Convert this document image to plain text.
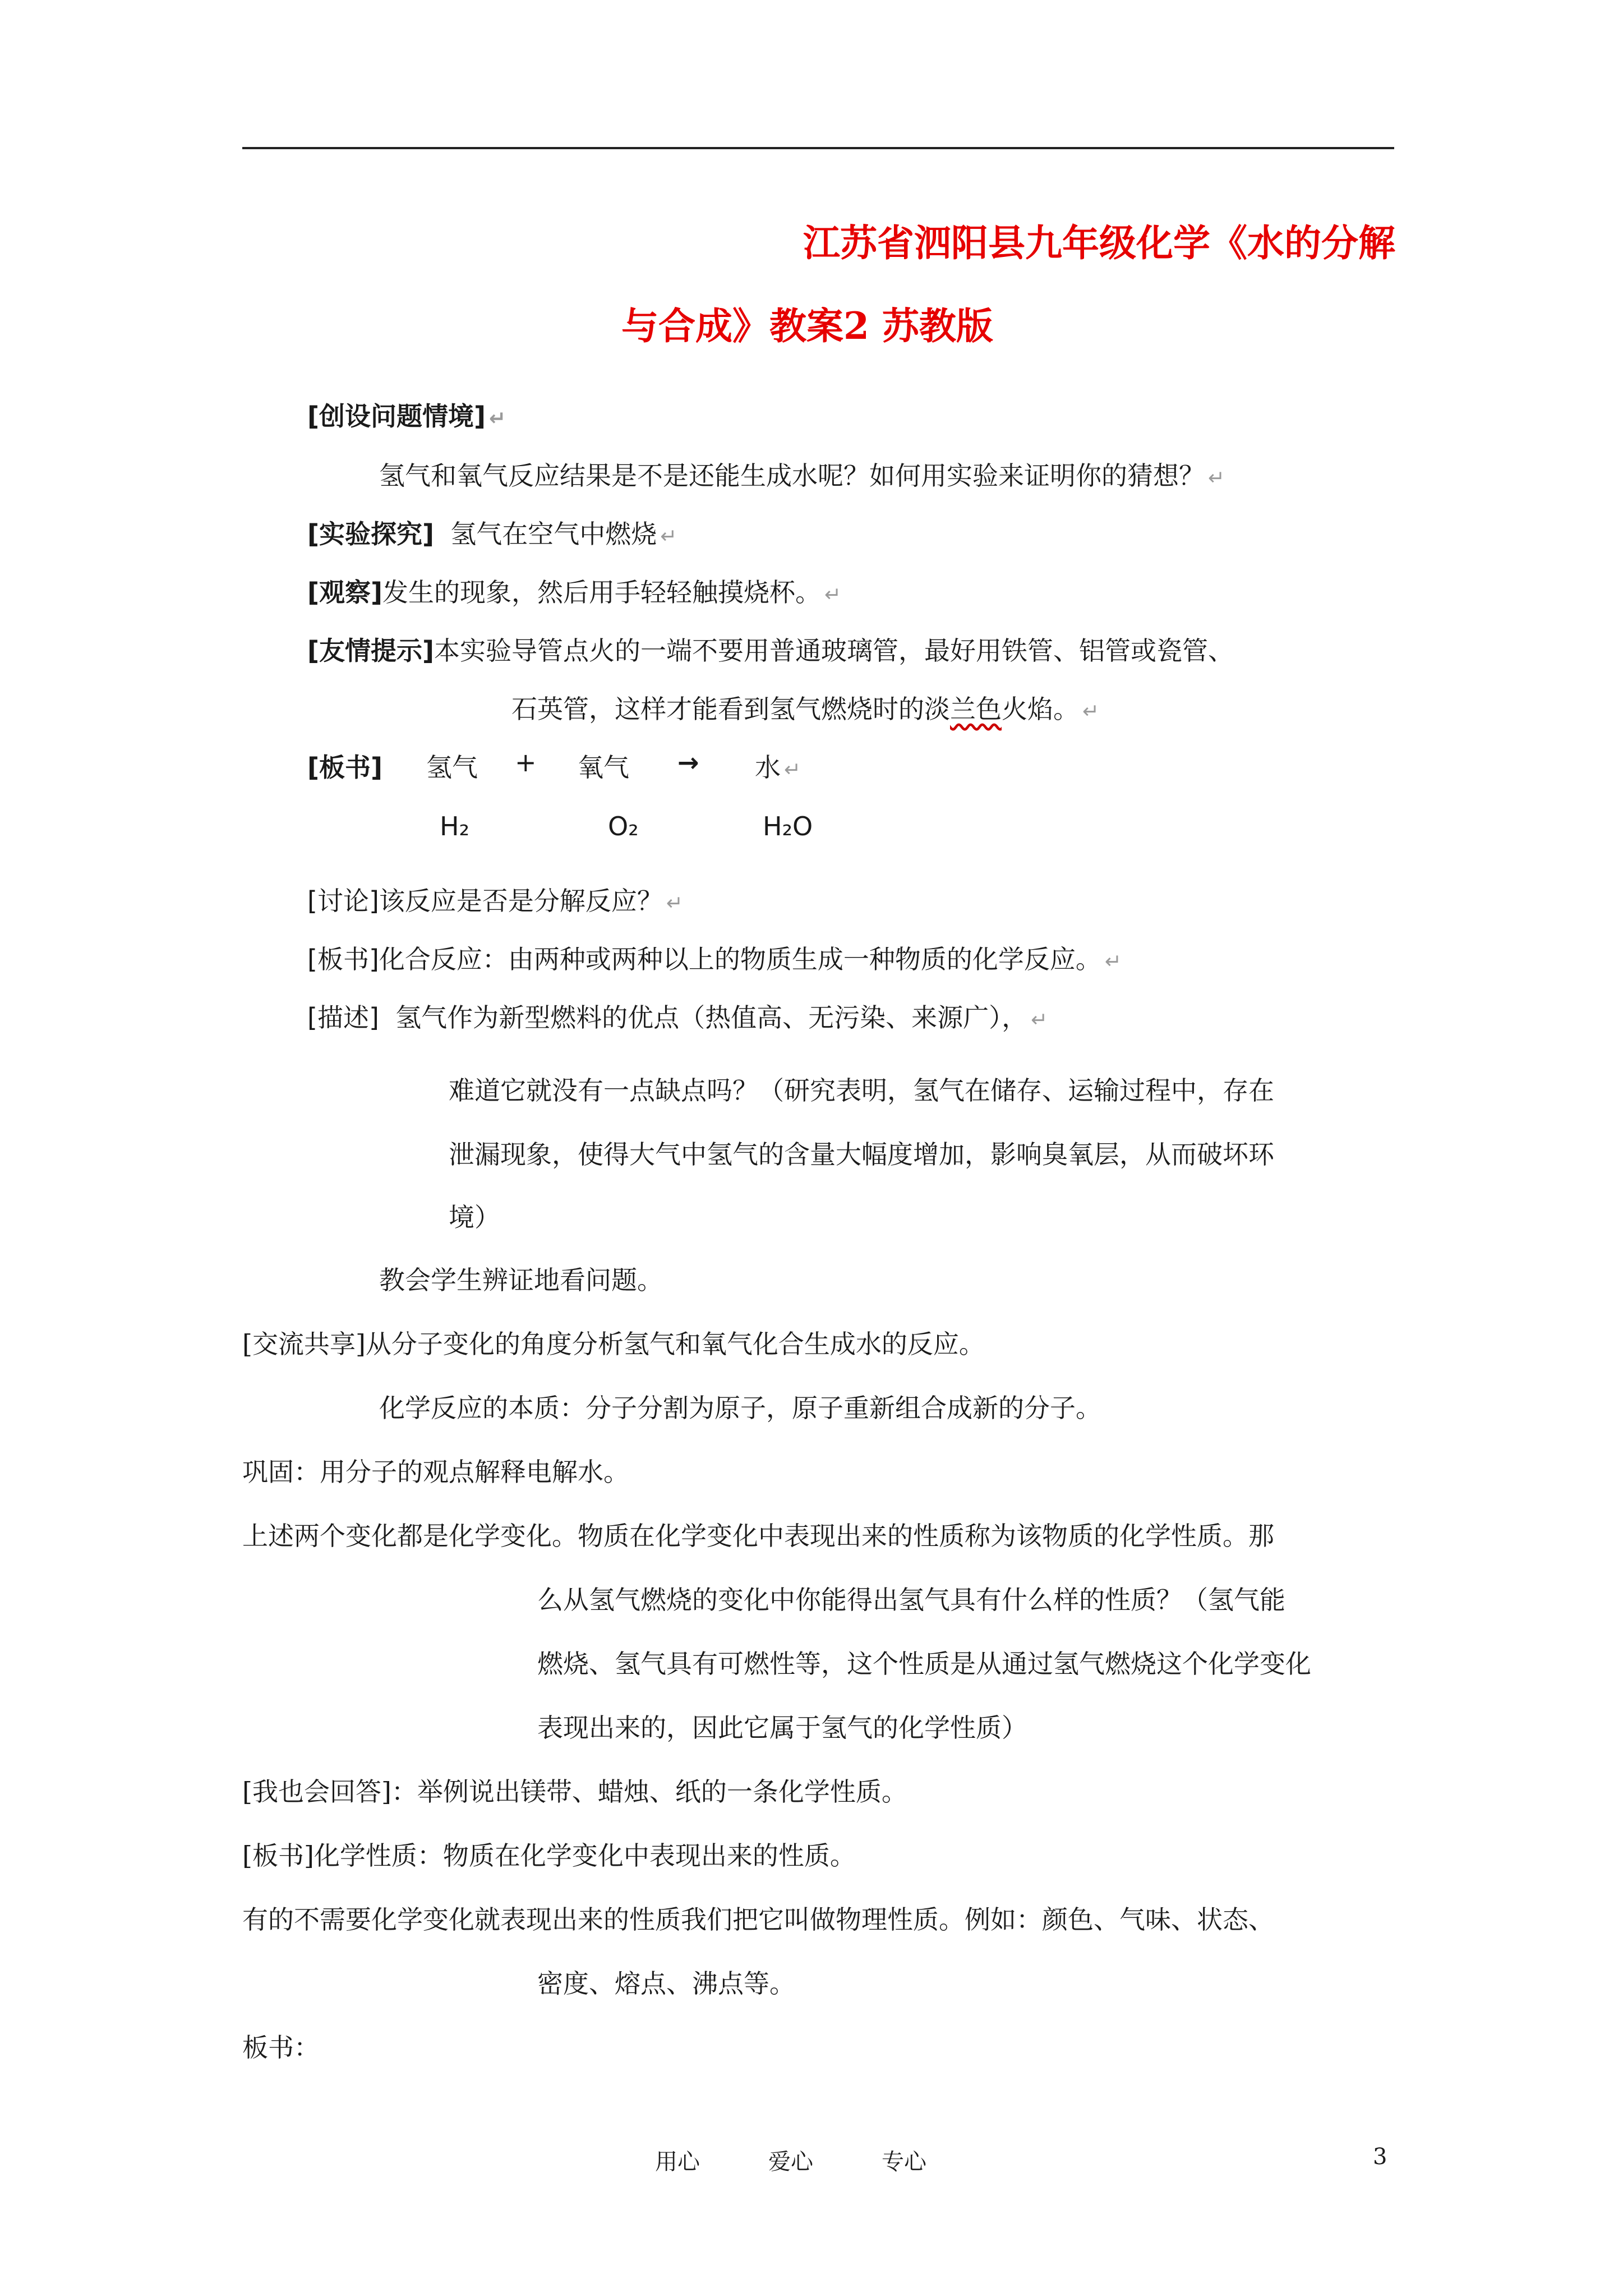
江苏省泗阳县九年级化学《水的分解
与合成》教案2 苏教版
[创设问题情境] ↵
氢气和氧气反应结果是不是还能生成水呢？如何用实验来证明你的猜想？ ↵
[实验探究] 氢气在空气中燃烧 ↵
[观察]发生的现象，然后用手轻轻触摸烧杯。 ↵
[友情提示]本实验导管点火的一端不要用普通玻璃管，最好用铁管、铝管或瓷管、
石英管，这样才能看到氢气燃烧时的淡兰色火焰。 ↵
[板书] 氢气 + 氧气 → 水 ↵
H₂	O₂	H₂O
[讨论]该反应是否是分解反应？ ↵
[板书]化合反应：由两种或两种以上的物质生成一种物质的化学反应。 ↵
[描述] 氢气作为新型燃料的优点（热值高、无污染、来源广）， ↵
难道它就没有一点缺点吗？（研究表明，氢气在储存、运输过程中，存在
泄漏现象，使得大气中氢气的含量大幅度增加，影响臭氧层，从而破坏环
境）
教会学生辨证地看问题。
[交流共享]从分子变化的角度分析氢气和氧气化合生成水的反应。
化学反应的本质：分子分割为原子，原子重新组合成新的分子。
巩固：用分子的观点解释电解水。
上述两个变化都是化学变化。物质在化学变化中表现出来的性质称为该物质的化学性质。那
么从氢气燃烧的变化中你能得出氢气具有什么样的性质？（氢气能
燃烧、氢气具有可燃性等，这个性质是从通过氢气燃烧这个化学变化
表现出来的，因此它属于氢气的化学性质）
[我也会回答]：举例说出镁带、蜡烛、纸的一条化学性质。
[板书]化学性质：物质在化学变化中表现出来的性质。
有的不需要化学变化就表现出来的性质我们把它叫做物理性质。例如：颜色、气味、状态、
密度、熔点、沸点等。
板书：
用心	爱心	专心	3
